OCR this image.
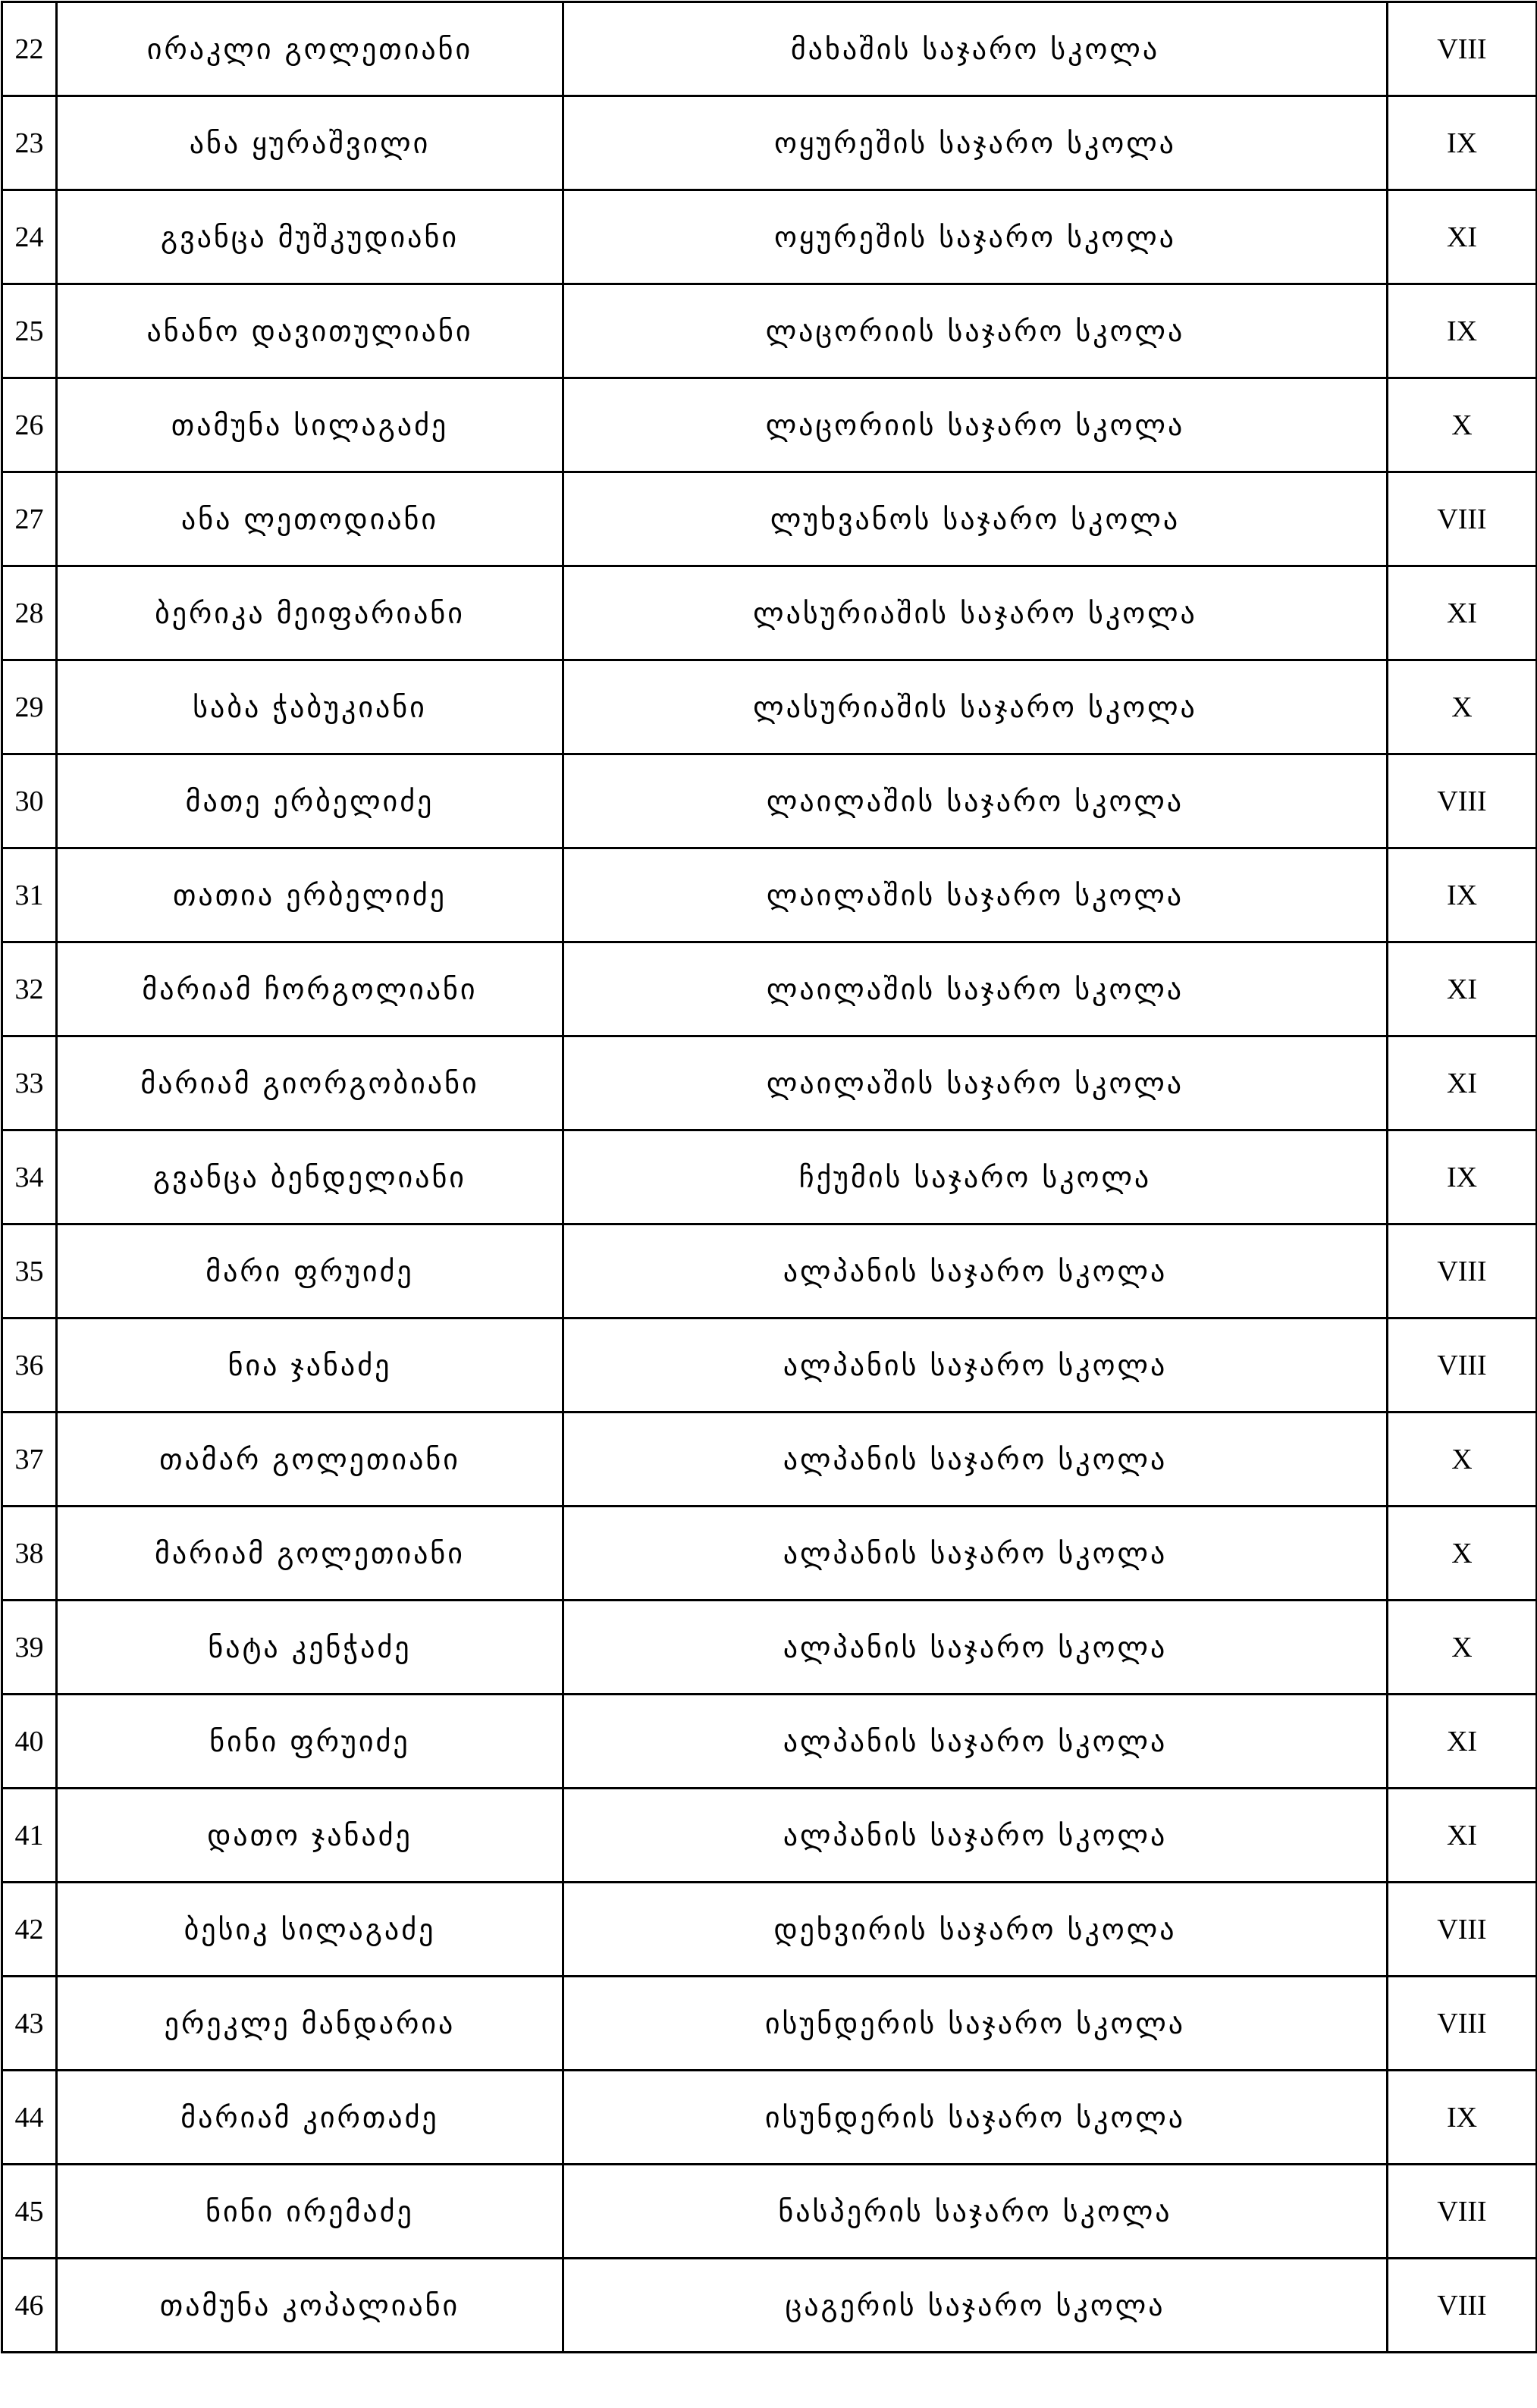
22	ირაკლი გოლეთიანი	მახაშის საჯარო სკოლა	VIII
23	ანა ყურაშვილი	ოყურეშის საჯარო სკოლა	IX
24	გვანცა მუშკუდიანი	ოყურეშის საჯარო სკოლა	XI
25	ანანო დავითულიანი	ლაცორიის საჯარო სკოლა	IX
26	თამუნა სილაგაძე	ლაცორიის საჯარო სკოლა	X
27	ანა ლეთოდიანი	ლუხვანოს საჯარო სკოლა	VIII
28	ბერიკა მეიფარიანი	ლასურიაშის საჯარო სკოლა	XI
29	საბა ჭაბუკიანი	ლასურიაშის საჯარო სკოლა	X
30	მათე ერბელიძე	ლაილაშის საჯარო სკოლა	VIII
31	თათია ერბელიძე	ლაილაშის საჯარო სკოლა	IX
32	მარიამ ჩორგოლიანი	ლაილაშის საჯარო სკოლა	XI
33	მარიამ გიორგობიანი	ლაილაშის საჯარო სკოლა	XI
34	გვანცა ბენდელიანი	ჩქუმის საჯარო სკოლა	IX
35	მარი ფრუიძე	ალპანის საჯარო სკოლა	VIII
36	ნია ჯანაძე	ალპანის საჯარო სკოლა	VIII
37	თამარ გოლეთიანი	ალპანის საჯარო სკოლა	X
38	მარიამ გოლეთიანი	ალპანის საჯარო სკოლა	X
39	ნატა კენჭაძე	ალპანის საჯარო სკოლა	X
40	ნინი ფრუიძე	ალპანის საჯარო სკოლა	XI
41	დათო ჯანაძე	ალპანის საჯარო სკოლა	XI
42	ბესიკ სილაგაძე	დეხვირის საჯარო სკოლა	VIII
43	ერეკლე მანდარია	ისუნდერის საჯარო სკოლა	VIII
44	მარიამ კირთაძე	ისუნდერის საჯარო სკოლა	IX
45	ნინი ირემაძე	ნასპერის საჯარო სკოლა	VIII
46	თამუნა კოპალიანი	ცაგერის საჯარო სკოლა	VIII
